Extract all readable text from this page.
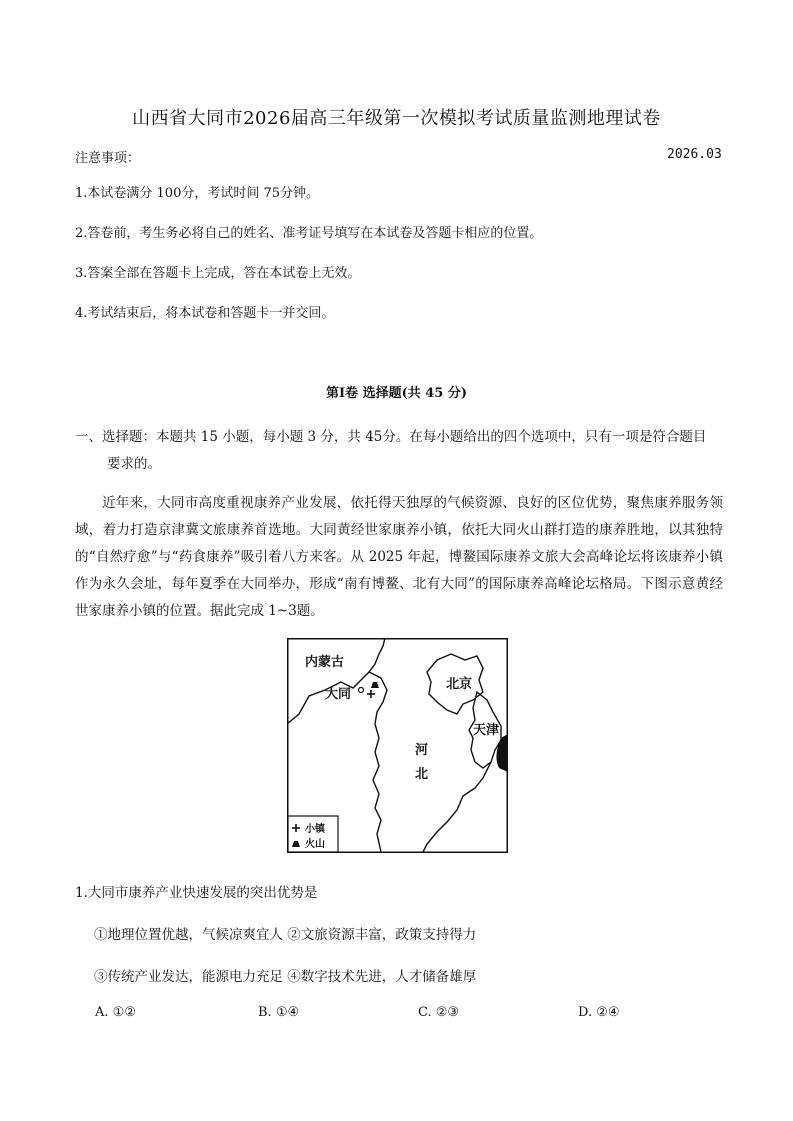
山西省大同市2026届高三年级第一次模拟考试质量监测地理试卷
注意事项：	2026.03
1.本试卷满分 100分，考试时间 75分钟。
2.答卷前，考生务必将自己的姓名、准考证号填写在本试卷及答题卡相应的位置。
3.答案全部在答题卡上完成，答在本试卷上无效。
4.考试结束后，将本试卷和答题卡一并交回。
第Ⅰ卷 选择题(共 45 分)
一、选择题：本题共 15 小题，每小题 3 分，共 45分。在每小题给出的四个选项中，只有一项是符合题目
要求的。
近年来，大同市高度重视康养产业发展，依托得天独厚的气候资源、良好的区位优势，聚焦康养服务领域，着力打造京津冀文旅康养首选地。大同黄经世家康养小镇，依托大同火山群打造的康养胜地，以其独特的“自然疗愈”与“药食康养”吸引着八方来客。从 2025 年起，博鳌国际康养文旅大会高峰论坛将该康养小镇作为永久会址，每年夏季在大同举办，形成“南有博鳌、北有大同”的国际康养高峰论坛格局。下图示意黄经世家康养小镇的位置。据此完成 1~3题。
内蒙古
大同
北京
天津
河
北
小镇
火山
1.大同市康养产业快速发展的突出优势是
①地理位置优越，气候凉爽宜人 ②文旅资源丰富，政策支持得力
③传统产业发达，能源电力充足 ④数字技术先进，人才储备雄厚
A. ①②	B. ①④	C. ②③	D. ②④
